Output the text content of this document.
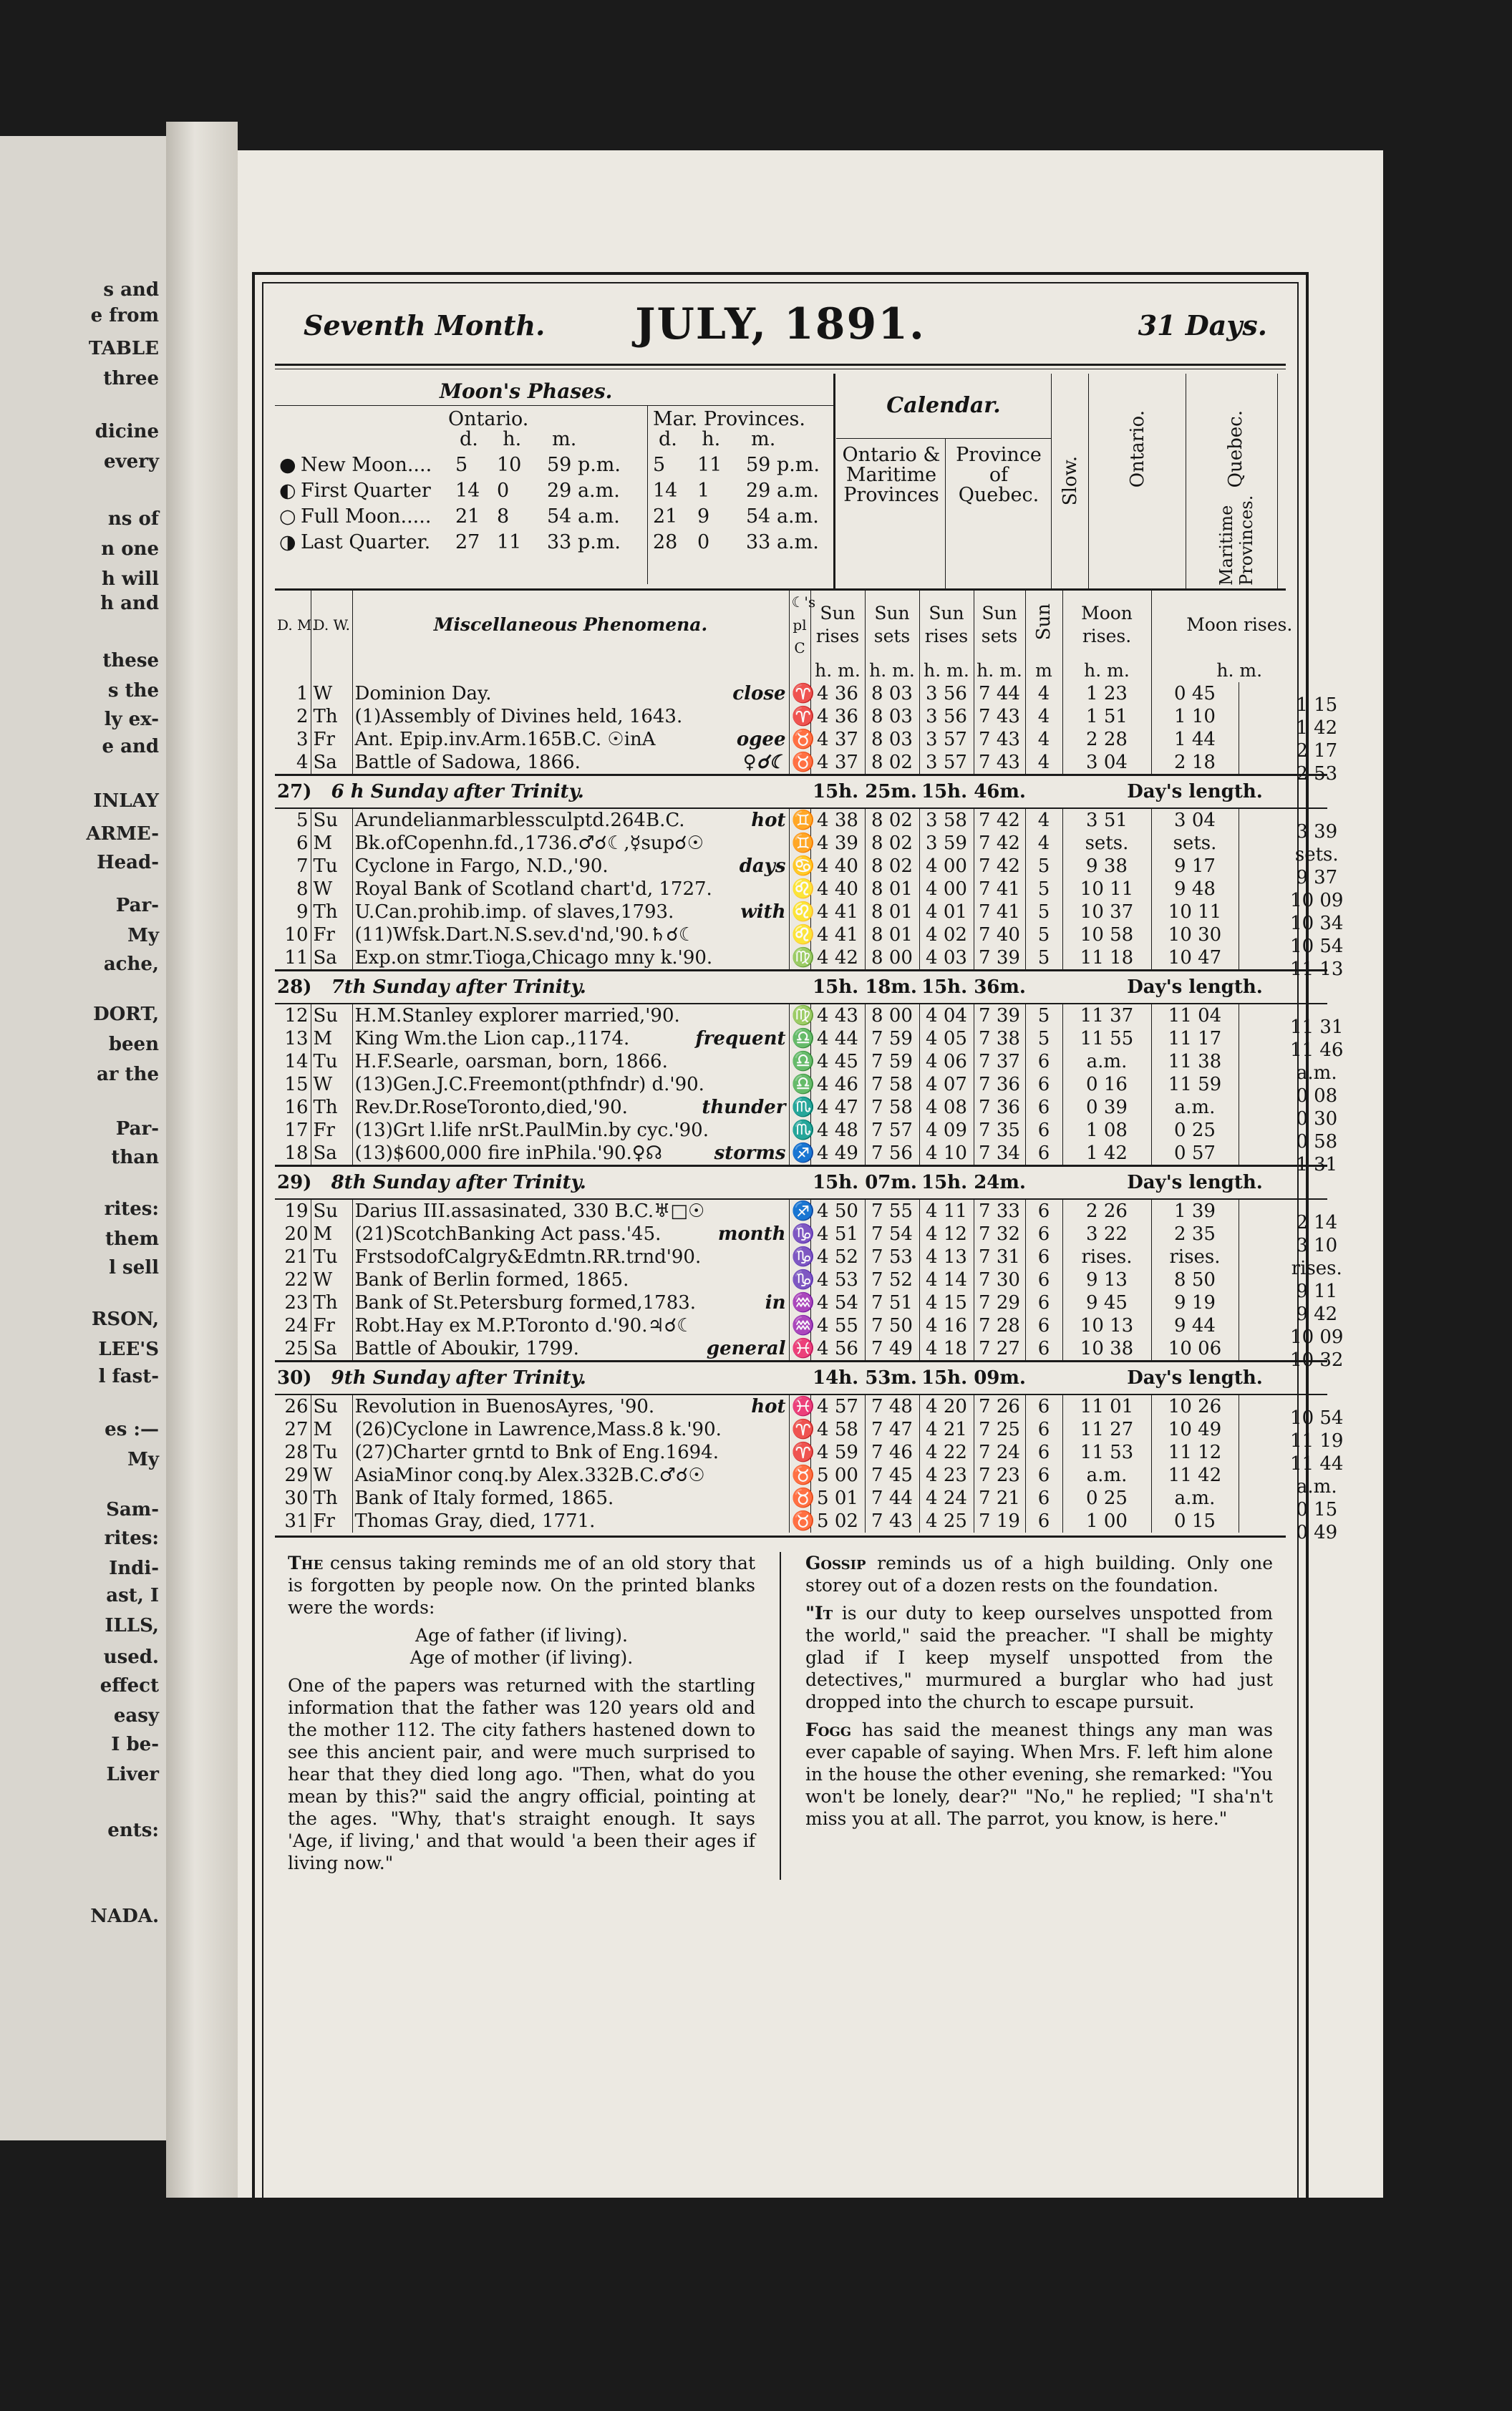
s and
e from
TABLE
three
dicine
every
ns of
n one
h will
h and
these
s the
ly ex-
e and
INLAY
ARME-
Head-
Par-
My
ache,
DORT,
been
ar the
Par-
than
rites:
them
l sell
RSON,
LEE'S
l fast-
es :—
My
Sam-
rites:
Indi-
ast, I
ILLS,
used.
effect
easy
I be-
Liver
ents:
NADA.
Seventh Month.	JULY, 1891.	31 Days.
Moon's Phases.
Ontario.	Mar. Provinces.
d. h. m.	d. h. m.
● New Moon.... 5 10 59 p.m. 5 11 59 p.m.
◐ First Quarter 14 0 29 a.m. 14 1 29 a.m.
○ Full Moon..... 21 8 54 a.m. 21 9 54 a.m.
◑ Last Quarter. 27 11 33 p.m. 28 0 33 a.m.
Calendar.
Ontario & Maritime Provinces
Province of Quebec.	Slow. Ontario.	Quebec.
Maritime Provinces.
D. M.	D. W.	Miscellaneous Phenomena.	☾'s pl C	Sun rises	Sun sets	Sun rises	Sun sets	Sun	Moon rises.	Moon rises.	
				h. m.	h. m.	h. m.	h. m.	m	h. m.	h. m.	
1	W	Dominion Day. close	♈	4 36	8 03	3 56	7 44	4	1 23	0 45	1 15

2	Th	(1)Assembly of Divines held, 1643.	♈	4 36	8 03	3 56	7 43	4	1 51	1 10	1 42

3	Fr	Ant. Epip.inv.Arm.165B.C. ☉inA ogee	♉	4 37	8 03	3 57	7 43	4	2 28	1 44	2 17

4	Sa	Battle of Sadowa, 1866. ♀☌☾	♉	4 37	8 02	3 57	7 43	4	3 04	2 18	2 53

27) 6 h Sunday after Trinity.				15h. 25m.		15h. 46m.			Day's length.		
5	Su	Arundelianmarblessculptd.264B.C. hot	♊	4 38	8 02	3 58	7 42	4	3 51	3 04	3 39

6	M	Bk.ofCopenhn.fd.,1736.♂☌☾,☿sup☌☉	♊	4 39	8 02	3 59	7 42	4	sets.	sets.	sets.

7	Tu	Cyclone in Fargo, N.D.,'90. days	♋	4 40	8 02	4 00	7 42	5	9 38	9 17	9 37

8	W	Royal Bank of Scotland chart'd, 1727.	♌	4 40	8 01	4 00	7 41	5	10 11	9 48	10 09

9	Th	U.Can.prohib.imp. of slaves,1793. with	♌	4 41	8 01	4 01	7 41	5	10 37	10 11	10 34

10	Fr	(11)Wfsk.Dart.N.S.sev.d'nd,'90.♄☌☾	♌	4 41	8 01	4 02	7 40	5	10 58	10 30	10 54

11	Sa	Exp.on stmr.Tioga,Chicago mny k.'90.	♍	4 42	8 00	4 03	7 39	5	11 18	10 47	11 13

28) 7th Sunday after Trinity.				15h. 18m.		15h. 36m.			Day's length.		
12	Su	H.M.Stanley explorer married,'90.	♍	4 43	8 00	4 04	7 39	5	11 37	11 04	11 31

13	M	King Wm.the Lion cap.,1174. frequent	♎	4 44	7 59	4 05	7 38	5	11 55	11 17	11 46

14	Tu	H.F.Searle, oarsman, born, 1866.	♎	4 45	7 59	4 06	7 37	6	a.m.	11 38	a.m.

15	W	(13)Gen.J.C.Freemont(pthfndr) d.'90.	♎	4 46	7 58	4 07	7 36	6	0 16	11 59	0 08

16	Th	Rev.Dr.RoseToronto,died,'90. thunder	♏	4 47	7 58	4 08	7 36	6	0 39	a.m.	0 30

17	Fr	(13)Grt l.life nrSt.PaulMin.by cyc.'90.	♏	4 48	7 57	4 09	7 35	6	1 08	0 25	0 58

18	Sa	(13)$600,000 fire inPhila.'90.♀☊ storms	♐	4 49	7 56	4 10	7 34	6	1 42	0 57	1 31

29) 8th Sunday after Trinity.				15h. 07m.		15h. 24m.			Day's length.		
19	Su	Darius III.assasinated, 330 B.C.♅□☉	♐	4 50	7 55	4 11	7 33	6	2 26	1 39	2 14

20	M	(21)ScotchBanking Act pass.'45. month	♑	4 51	7 54	4 12	7 32	6	3 22	2 35	3 10

21	Tu	FrstsodofCalgry&Edmtn.RR.trnd'90.	♑	4 52	7 53	4 13	7 31	6	rises.	rises.	rises.

22	W	Bank of Berlin formed, 1865.	♑	4 53	7 52	4 14	7 30	6	9 13	8 50	9 11

23	Th	Bank of St.Petersburg formed,1783. in	♒	4 54	7 51	4 15	7 29	6	9 45	9 19	9 42

24	Fr	Robt.Hay ex M.P.Toronto d.'90.♃☌☾	♒	4 55	7 50	4 16	7 28	6	10 13	9 44	10 09

25	Sa	Battle of Aboukir, 1799. general	♓	4 56	7 49	4 18	7 27	6	10 38	10 06	10 32

30) 9th Sunday after Trinity.				14h. 53m.		15h. 09m.			Day's length.		
26	Su	Revolution in BuenosAyres, '90. hot	♓	4 57	7 48	4 20	7 26	6	11 01	10 26	10 54

27	M	(26)Cyclone in Lawrence,Mass.8 k.'90.	♈	4 58	7 47	4 21	7 25	6	11 27	10 49	11 19

28	Tu	(27)Charter grntd to Bnk of Eng.1694.	♈	4 59	7 46	4 22	7 24	6	11 53	11 12	11 44

29	W	AsiaMinor conq.by Alex.332B.C.♂☌☉	♉	5 00	7 45	4 23	7 23	6	a.m.	11 42	a.m.

30	Th	Bank of Italy formed, 1865.	♉	5 01	7 44	4 24	7 21	6	0 25	a.m.	0 15

31	Fr	Thomas Gray, died, 1771.	♉	5 02	7 43	4 25	7 19	6	1 00	0 15	0 49

The census taking reminds me of an old story that is forgotten by people now. On the printed blanks were the words:

Age of father (if living).

Age of mother (if living).

One of the papers was returned with the startling information that the father was 120 years old and the mother 112. The city fathers hastened down to see this ancient pair, and were much surprised to hear that they died long ago. "Then, what do you mean by this?" said the angry official, pointing at the ages. "Why, that's straight enough. It says 'Age, if living,' and that would 'a been their ages if living now."

Gossip reminds us of a high building. Only one storey out of a dozen rests on the foundation.

"It is our duty to keep ourselves unspotted from the world," said the preacher. "I shall be mighty glad if I keep myself unspotted from the detectives," murmured a burglar who had just dropped into the church to escape pursuit.

Fogg has said the meanest things any man was ever capable of saying. When Mrs. F. left him alone in the house the other evening, she remarked: "You won't be lonely, dear?" "No," he replied; "I sha'n't miss you at all. The parrot, you know, is here."
